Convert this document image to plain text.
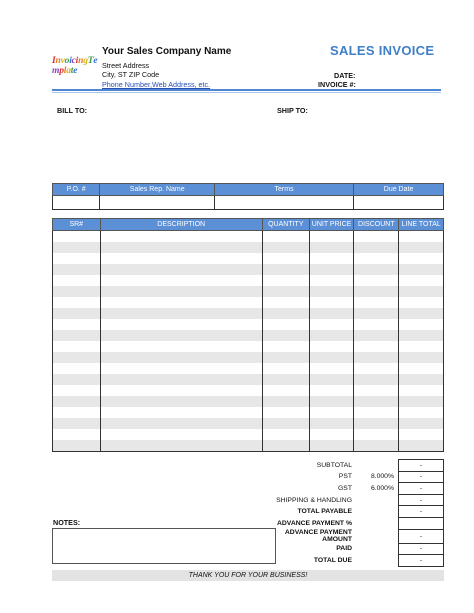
InvoicingTemplate
Your Sales Company Name
Street Address
City, ST ZIP Code
Phone Number,Web Address, etc.
SALES INVOICE
DATE:
INVOICE #:
BILL TO:	SHIP TO:
P.O. #	Sales Rep. Name	Terms	Due Date

SR#	DESCRIPTION	QUANTITY	UNIT PRICE	DISCOUNT	LINE TOTAL

SUBTOTAL		-
PST	8.000%	-
GST	6.000%	-
SHIPPING & HANDLING		-
TOTAL PAYABLE		-
ADVANCE PAYMENT %		
ADVANCE PAYMENT AMOUNT		-
PAID		-
TOTAL DUE		-
NOTES:
THANK YOU FOR YOUR BUSINESS!
